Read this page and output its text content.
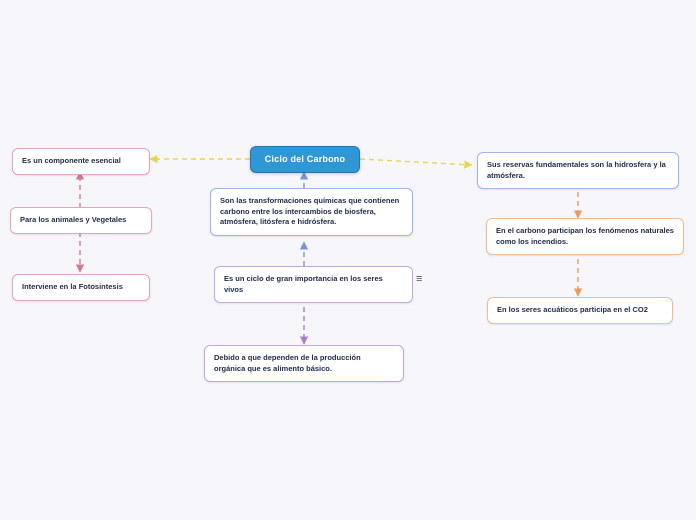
Ciclo del Carbono
Es un componente esencial
Para los animales y Vegetales
Interviene en la Fotosintesis
Son las transformaciones químicas que contienen carbono entre los intercambios de biosfera, atmósfera, litósfera e hidrósfera.
Es un ciclo de gran importancia en los seres vivos
≡
Debido a que dependen de la producción orgánica que es alimento básico.
Sus reservas fundamentales son la hidrosfera y la atmósfera.
En el carbono participan los fenómenos naturales como los incendios.
En los seres acuáticos participa en el CO2
